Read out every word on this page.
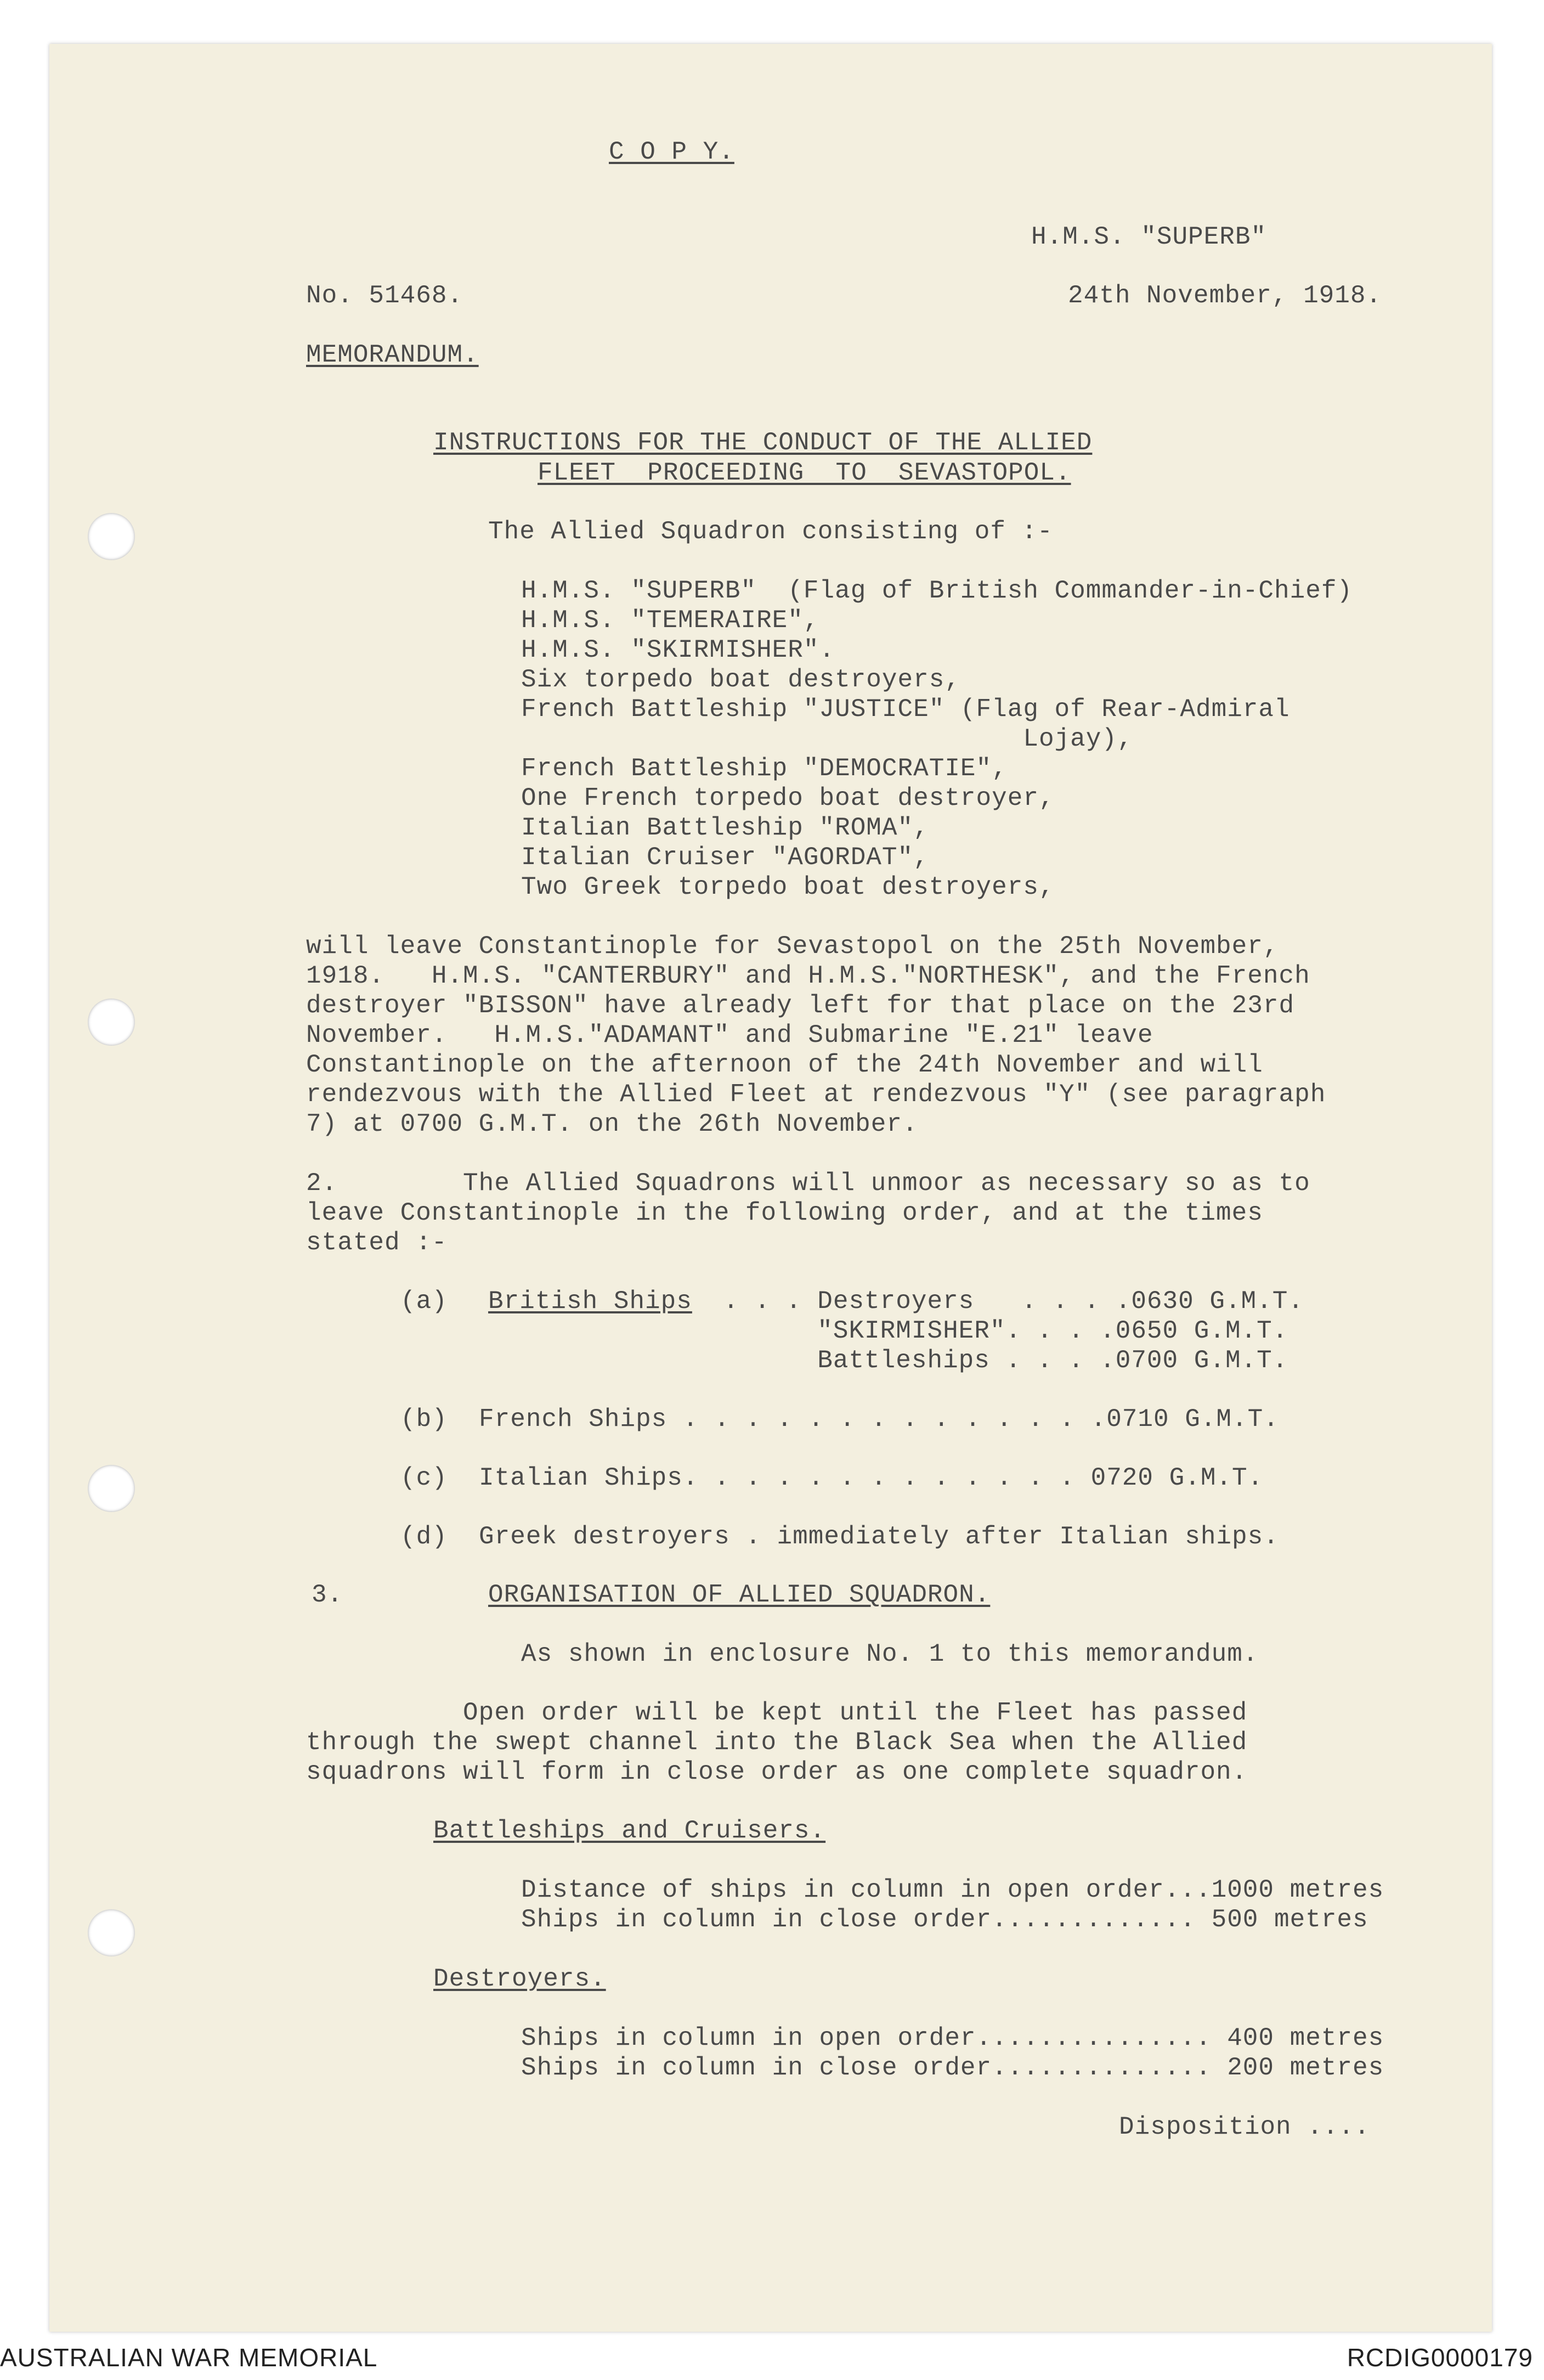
C O P Y.
H.M.S. "SUPERB"
No. 51468.	24th November, 1918.
MEMORANDUM.
INSTRUCTIONS FOR THE CONDUCT OF THE ALLIED
FLEET  PROCEEDING  TO  SEVASTOPOL.
The Allied Squadron consisting of :-
H.M.S. "SUPERB"  (Flag of British Commander-in-Chief)
H.M.S. "TEMERAIRE",
H.M.S. "SKIRMISHER".
Six torpedo boat destroyers,
French Battleship "JUSTICE" (Flag of Rear-Admiral
Lojay),
French Battleship "DEMOCRATIE",
One French torpedo boat destroyer,
Italian Battleship "ROMA",
Italian Cruiser "AGORDAT",
Two Greek torpedo boat destroyers,
will leave Constantinople for Sevastopol on the 25th November,
1918.   H.M.S. "CANTERBURY" and H.M.S."NORTHESK", and the French
destroyer "BISSON" have already left for that place on the 23rd
November.   H.M.S."ADAMANT" and Submarine "E.21" leave
Constantinople on the afternoon of the 24th November and will
rendezvous with the Allied Fleet at rendezvous "Y" (see paragraph
7) at 0700 G.M.T. on the 26th November.
2.        The Allied Squadrons will unmoor as necessary so as to
leave Constantinople in the following order, and at the times
stated :-
(a) British Ships . . . Destroyers   . . . .0630 G.M.T.
"SKIRMISHER". . . .0650 G.M.T.
Battleships . . . .0700 G.M.T.
(b)  French Ships . . . . . . . . . . . . . .0710 G.M.T.
(c)  Italian Ships. . . . . . . . . . . . . 0720 G.M.T.
(d)  Greek destroyers . immediately after Italian ships.
3.	ORGANISATION OF ALLIED SQUADRON.
As shown in enclosure No. 1 to this memorandum.
Open order will be kept until the Fleet has passed
through the swept channel into the Black Sea when the Allied
squadrons will form in close order as one complete squadron.
Battleships and Cruisers.
Distance of ships in column in open order...1000 metres
Ships in column in close order............. 500 metres
Destroyers.
Ships in column in open order............... 400 metres
Ships in column in close order.............. 200 metres
Disposition ....
AUSTRALIAN WAR MEMORIAL	RCDIG0000179
